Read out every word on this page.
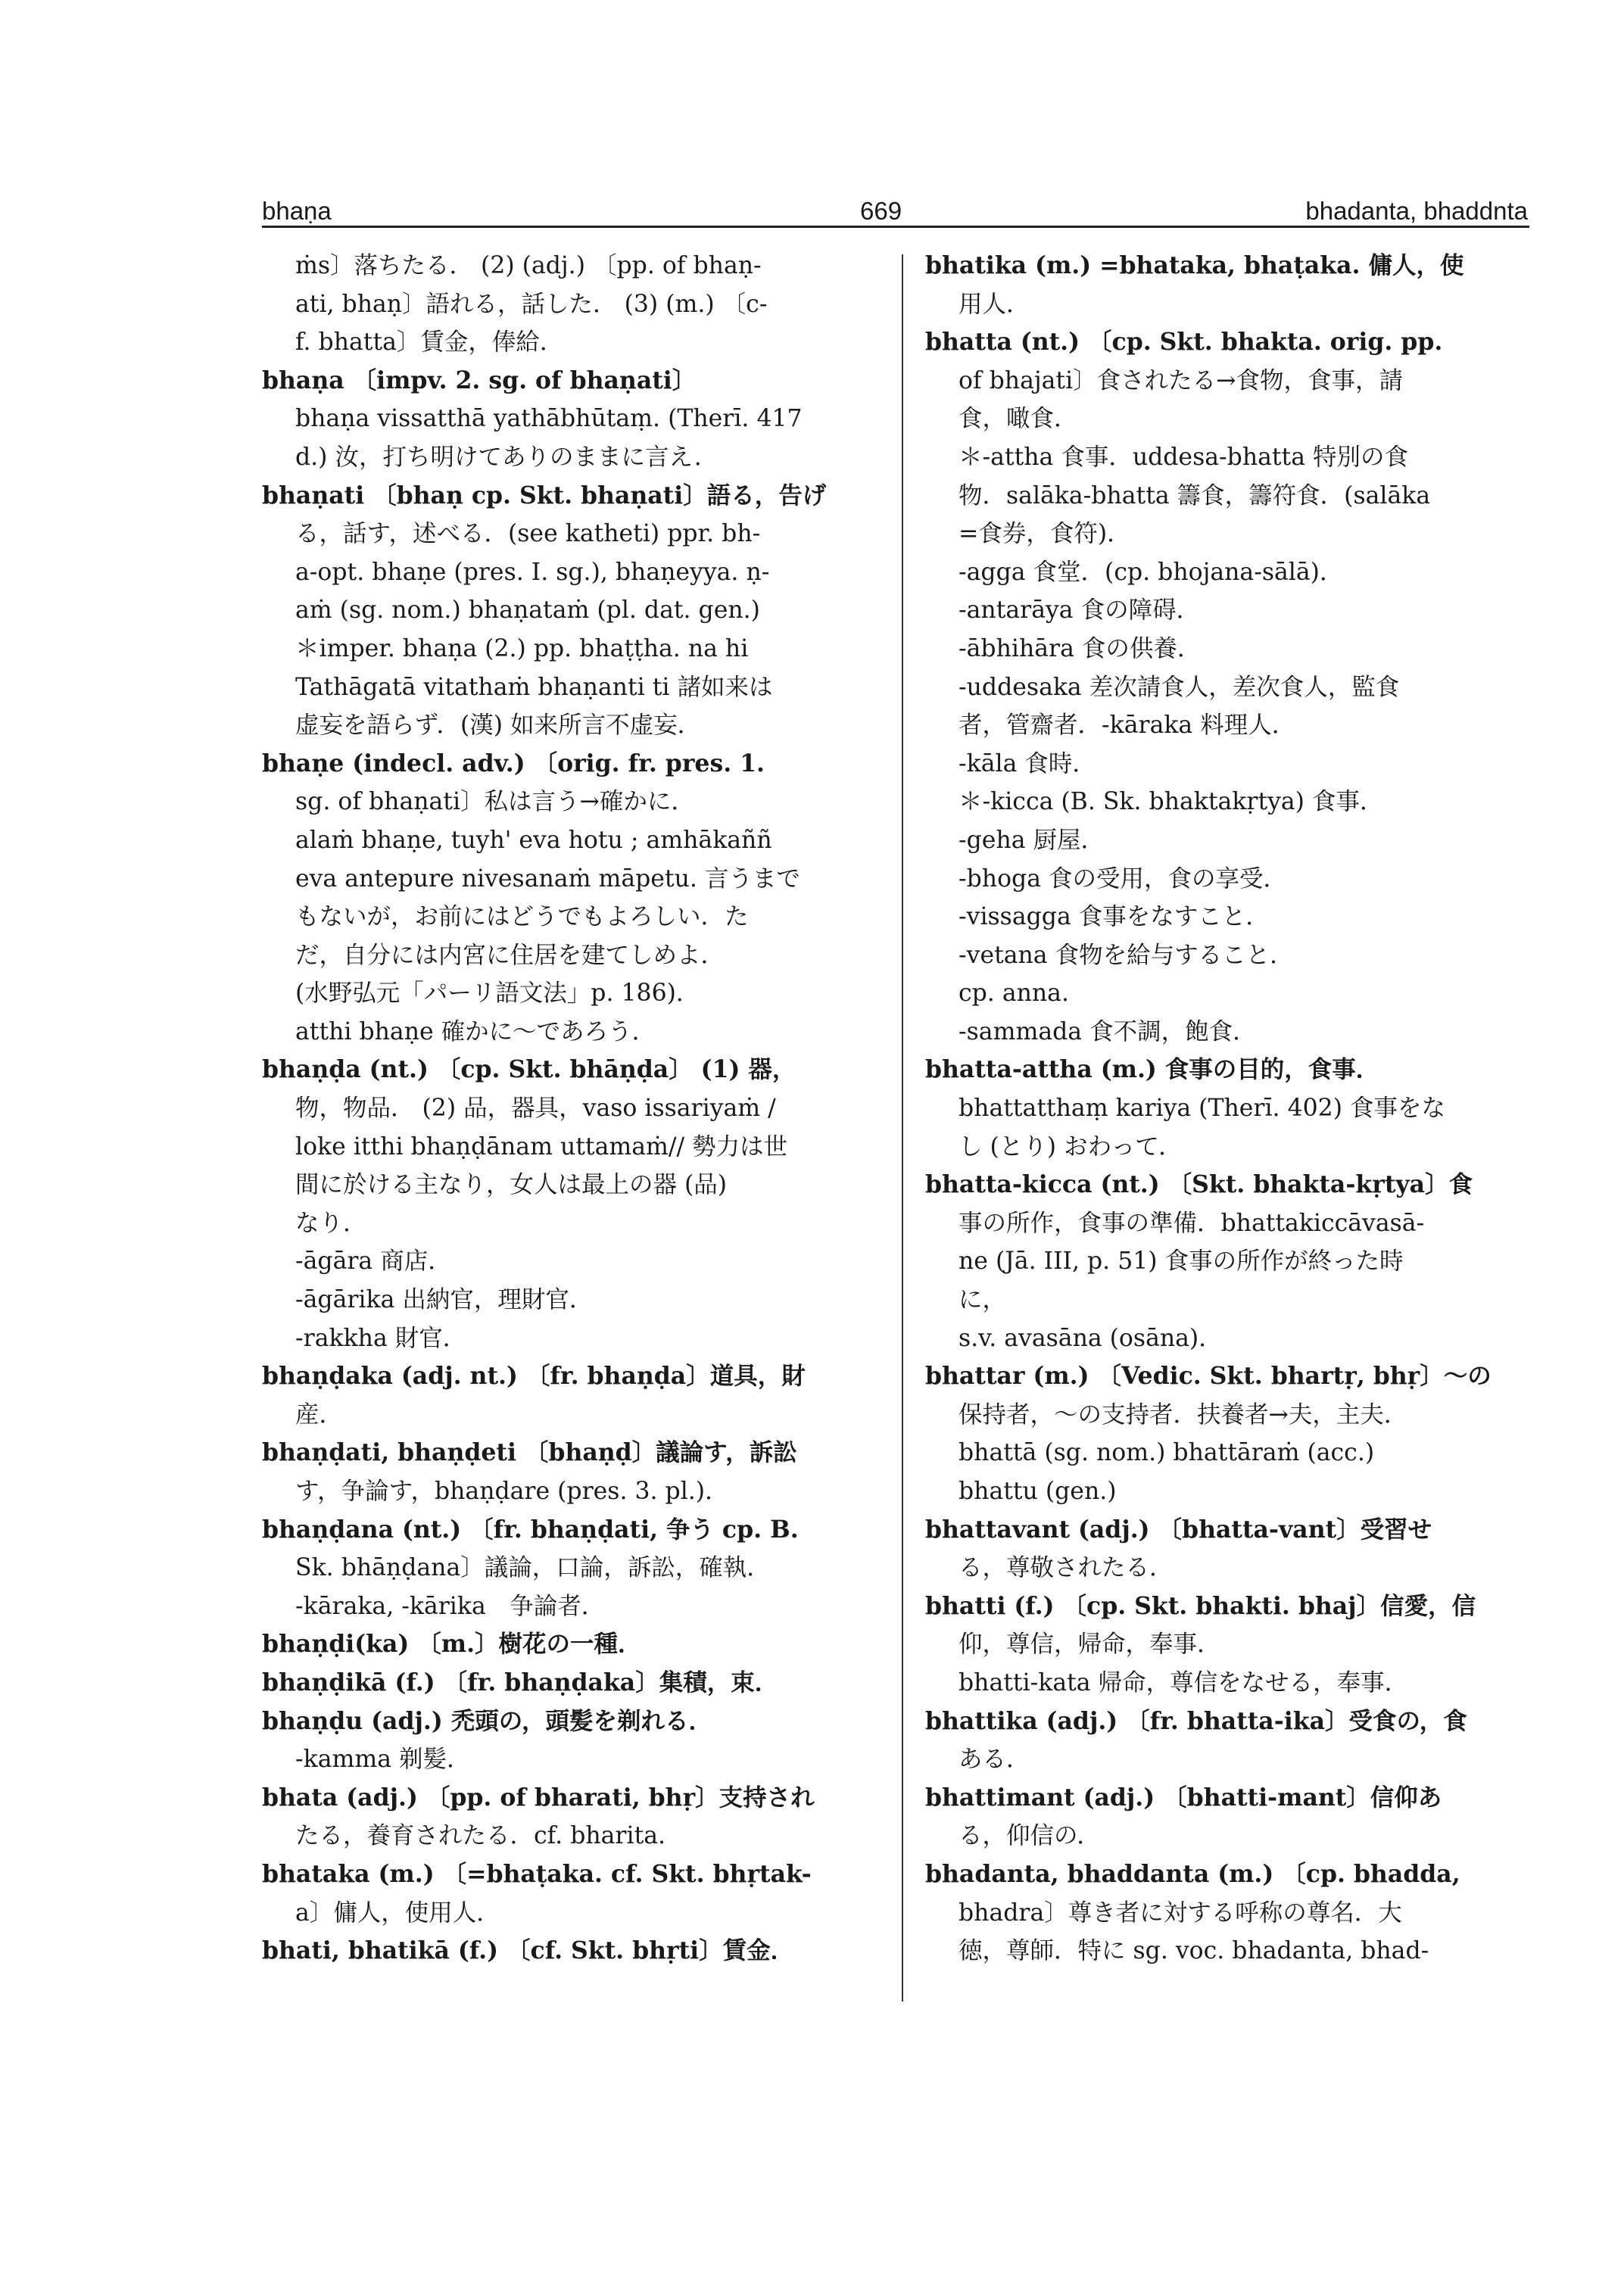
bhaṇa	669	bhadanta, bhaddnta
ṁs〕落ちたる． (2) (adj.) 〔pp. of bhaṇ-
ati, bhaṇ〕語れる，話した． (3) (m.) 〔c-
f. bhatta〕賃金，俸給．
bhaṇa 〔impv. 2. sg. of bhaṇati〕
bhaṇa vissatthā yathābhūtaṃ. (Therī. 417
d.) 汝，打ち明けてありのままに言え．
bhaṇati 〔bhaṇ cp. Skt. bhaṇati〕語る，告げ
る，話す，述べる．(see katheti) ppr. bh-
a-opt. bhaṇe (pres. I. sg.), bhaṇeyya. ṇ-
aṁ (sg. nom.) bhaṇataṁ (pl. dat. gen.)
＊imper. bhaṇa (2.) pp. bhaṭṭha. na hi
Tathāgatā vitathaṁ bhaṇanti ti 諸如来は
虚妄を語らず．(漢) 如来所言不虚妄．
bhaṇe (indecl. adv.) 〔orig. fr. pres. 1.
sg. of bhaṇati〕私は言う→確かに．
alaṁ bhaṇe, tuyh' eva hotu ; amhākaññ
eva antepure nivesanaṁ māpetu. 言うまで
もないが，お前にはどうでもよろしい．た
だ，自分には内宮に住居を建てしめよ．
(水野弘元「パーリ語文法」p. 186)．
atthi bhaṇe 確かに～であろう．
bhaṇḍa (nt.) 〔cp. Skt. bhāṇḍa〕 (1) 器，
物，物品． (2) 品，器具，vaso issariyaṁ /
loke itthi bhaṇḍānam uttamaṁ// 勢力は世
間に於ける主なり，女人は最上の器 (品)
なり．
-āgāra 商店．
-āgārika 出納官，理財官．
-rakkha 財官．
bhaṇḍaka (adj. nt.) 〔fr. bhaṇḍa〕道具，財
産．
bhaṇḍati, bhaṇḍeti 〔bhaṇḍ〕議論す，訴訟
す，争論す，bhaṇḍare (pres. 3. pl.)．
bhaṇḍana (nt.) 〔fr. bhaṇḍati, 争う cp. B.
Sk. bhāṇḍana〕議論，口論，訴訟，確執．
-kāraka, -kārika　争論者．
bhaṇḍi(ka) 〔m.〕樹花の一種．
bhaṇḍikā (f.) 〔fr. bhaṇḍaka〕集積，束．
bhaṇḍu (adj.) 禿頭の，頭髪を剃れる．
-kamma 剃髪．
bhata (adj.) 〔pp. of bharati, bhṛ〕支持され
たる，養育されたる．cf. bharita.
bhataka (m.) 〔=bhaṭaka. cf. Skt. bhṛtak-
a〕傭人，使用人．
bhati, bhatikā (f.) 〔cf. Skt. bhṛti〕賃金．
bhatika (m.) =bhataka, bhaṭaka. 傭人，使
用人．
bhatta (nt.) 〔cp. Skt. bhakta. orig. pp.
of bhajati〕食されたる→食物，食事，請
食，噉食．
＊-attha 食事．uddesa-bhatta 特別の食
物．salāka-bhatta 籌食，籌符食．(salāka
=食券，食符)．
-agga 食堂．(cp. bhojana-sālā)．
-antarāya 食の障碍．
-ābhihāra 食の供養．
-uddesaka 差次請食人，差次食人，監食
者，管齋者．-kāraka 料理人．
-kāla 食時．
＊-kicca (B. Sk. bhaktakṛtya) 食事．
-geha 厨屋．
-bhoga 食の受用，食の享受．
-vissagga 食事をなすこと．
-vetana 食物を給与すること．
cp. anna.
-sammada 食不調，飽食．
bhatta-attha (m.) 食事の目的，食事．
bhattatthaṃ kariya (Therī. 402) 食事をな
し (とり) おわって．
bhatta-kicca (nt.) 〔Skt. bhakta-kṛtya〕食
事の所作，食事の準備．bhattakiccāvasā-
ne (Jā. III, p. 51) 食事の所作が終った時
に，
s.v. avasāna (osāna)．
bhattar (m.) 〔Vedic. Skt. bhartṛ, bhṛ〕～の
保持者，～の支持者．扶養者→夫，主夫．
bhattā (sg. nom.) bhattāraṁ (acc.)
bhattu (gen.)
bhattavant (adj.) 〔bhatta-vant〕受習せ
る，尊敬されたる．
bhatti (f.) 〔cp. Skt. bhakti. bhaj〕信愛，信
仰，尊信，帰命，奉事．
bhatti-kata 帰命，尊信をなせる，奉事．
bhattika (adj.) 〔fr. bhatta-ika〕受食の，食
ある．
bhattimant (adj.) 〔bhatti-mant〕信仰あ
る，仰信の．
bhadanta, bhaddanta (m.) 〔cp. bhadda,
bhadra〕尊き者に対する呼称の尊名．大
徳，尊師．特に sg. voc. bhadanta, bhad-
